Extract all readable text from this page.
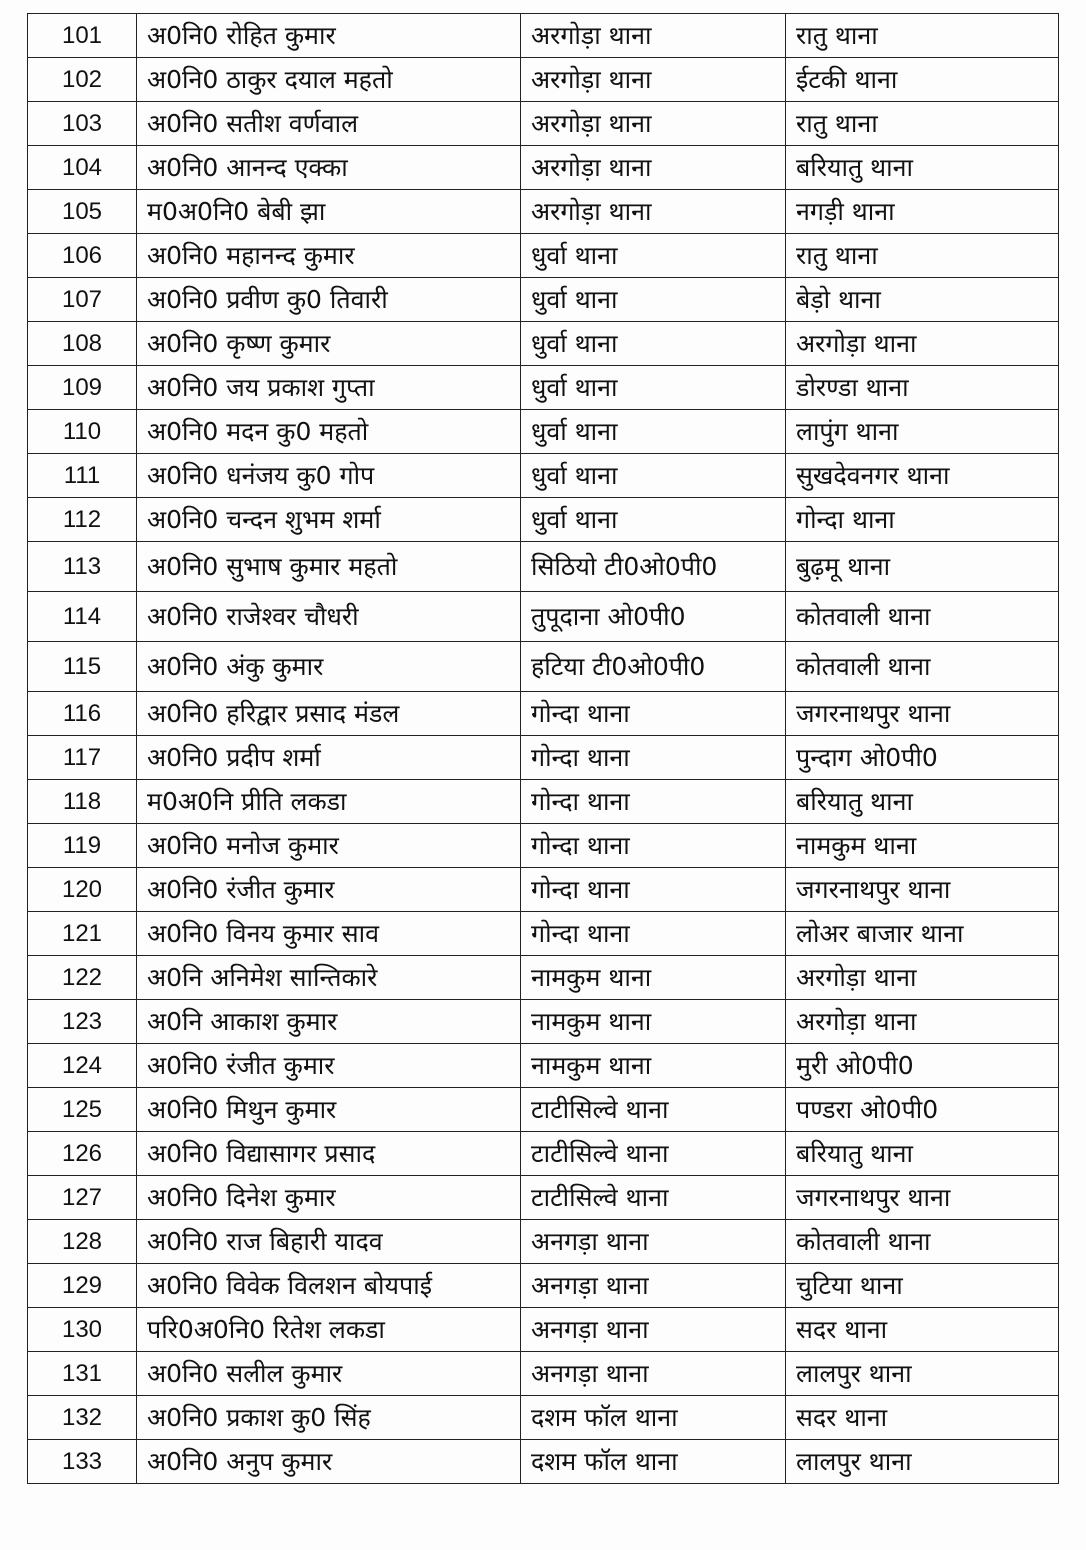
101	अ0नि0 रोहित कुमार	अरगोड़ा थाना	रातु थाना
102	अ0नि0 ठाकुर दयाल महतो	अरगोड़ा थाना	ईटकी थाना
103	अ0नि0 सतीश वर्णवाल	अरगोड़ा थाना	रातु थाना
104	अ0नि0 आनन्द एक्का	अरगोड़ा थाना	बरियातु थाना
105	म0अ0नि0 बेबी झा	अरगोड़ा थाना	नगड़ी थाना
106	अ0नि0 महानन्द कुमार	धुर्वा थाना	रातु थाना
107	अ0नि0 प्रवीण कु0 तिवारी	धुर्वा थाना	बेड़ो थाना
108	अ0नि0 कृष्ण कुमार	धुर्वा थाना	अरगोड़ा थाना
109	अ0नि0 जय प्रकाश गुप्ता	धुर्वा थाना	डोरण्डा थाना
110	अ0नि0 मदन कु0 महतो	धुर्वा थाना	लापुंग थाना
111	अ0नि0 धनंजय कु0 गोप	धुर्वा थाना	सुखदेवनगर थाना
112	अ0नि0 चन्दन शुभम शर्मा	धुर्वा थाना	गोन्दा थाना
113	अ0नि0 सुभाष कुमार महतो	सिठियो टी0ओ0पी0	बुढ़मू थाना
114	अ0नि0 राजेश्वर चौधरी	तुपूदाना ओ0पी0	कोतवाली थाना
115	अ0नि0 अंकु कुमार	हटिया टी0ओ0पी0	कोतवाली थाना
116	अ0नि0 हरिद्वार प्रसाद मंडल	गोन्दा थाना	जगरनाथपुर थाना
117	अ0नि0 प्रदीप शर्मा	गोन्दा थाना	पुन्दाग ओ0पी0
118	म0अ0नि प्रीति लकडा	गोन्दा थाना	बरियातु थाना
119	अ0नि0 मनोज कुमार	गोन्दा थाना	नामकुम थाना
120	अ0नि0 रंजीत कुमार	गोन्दा थाना	जगरनाथपुर थाना
121	अ0नि0 विनय कुमार साव	गोन्दा थाना	लोअर बाजार थाना
122	अ0नि अनिमेश सान्तिकारे	नामकुम थाना	अरगोड़ा थाना
123	अ0नि आकाश कुमार	नामकुम थाना	अरगोड़ा थाना
124	अ0नि0 रंजीत कुमार	नामकुम थाना	मुरी ओ0पी0
125	अ0नि0 मिथुन कुमार	टाटीसिल्वे थाना	पण्डरा ओ0पी0
126	अ0नि0 विद्यासागर प्रसाद	टाटीसिल्वे थाना	बरियातु थाना
127	अ0नि0 दिनेश कुमार	टाटीसिल्वे थाना	जगरनाथपुर थाना
128	अ0नि0 राज बिहारी यादव	अनगड़ा थाना	कोतवाली थाना
129	अ0नि0 विवेक विलशन बोयपाई	अनगड़ा थाना	चुटिया थाना
130	परि0अ0नि0 रितेश लकडा	अनगड़ा थाना	सदर थाना
131	अ0नि0 सलील कुमार	अनगड़ा थाना	लालपुर थाना
132	अ0नि0 प्रकाश कु0 सिंह	दशम फॉल थाना	सदर थाना
133	अ0नि0 अनुप कुमार	दशम फॉल थाना	लालपुर थाना
